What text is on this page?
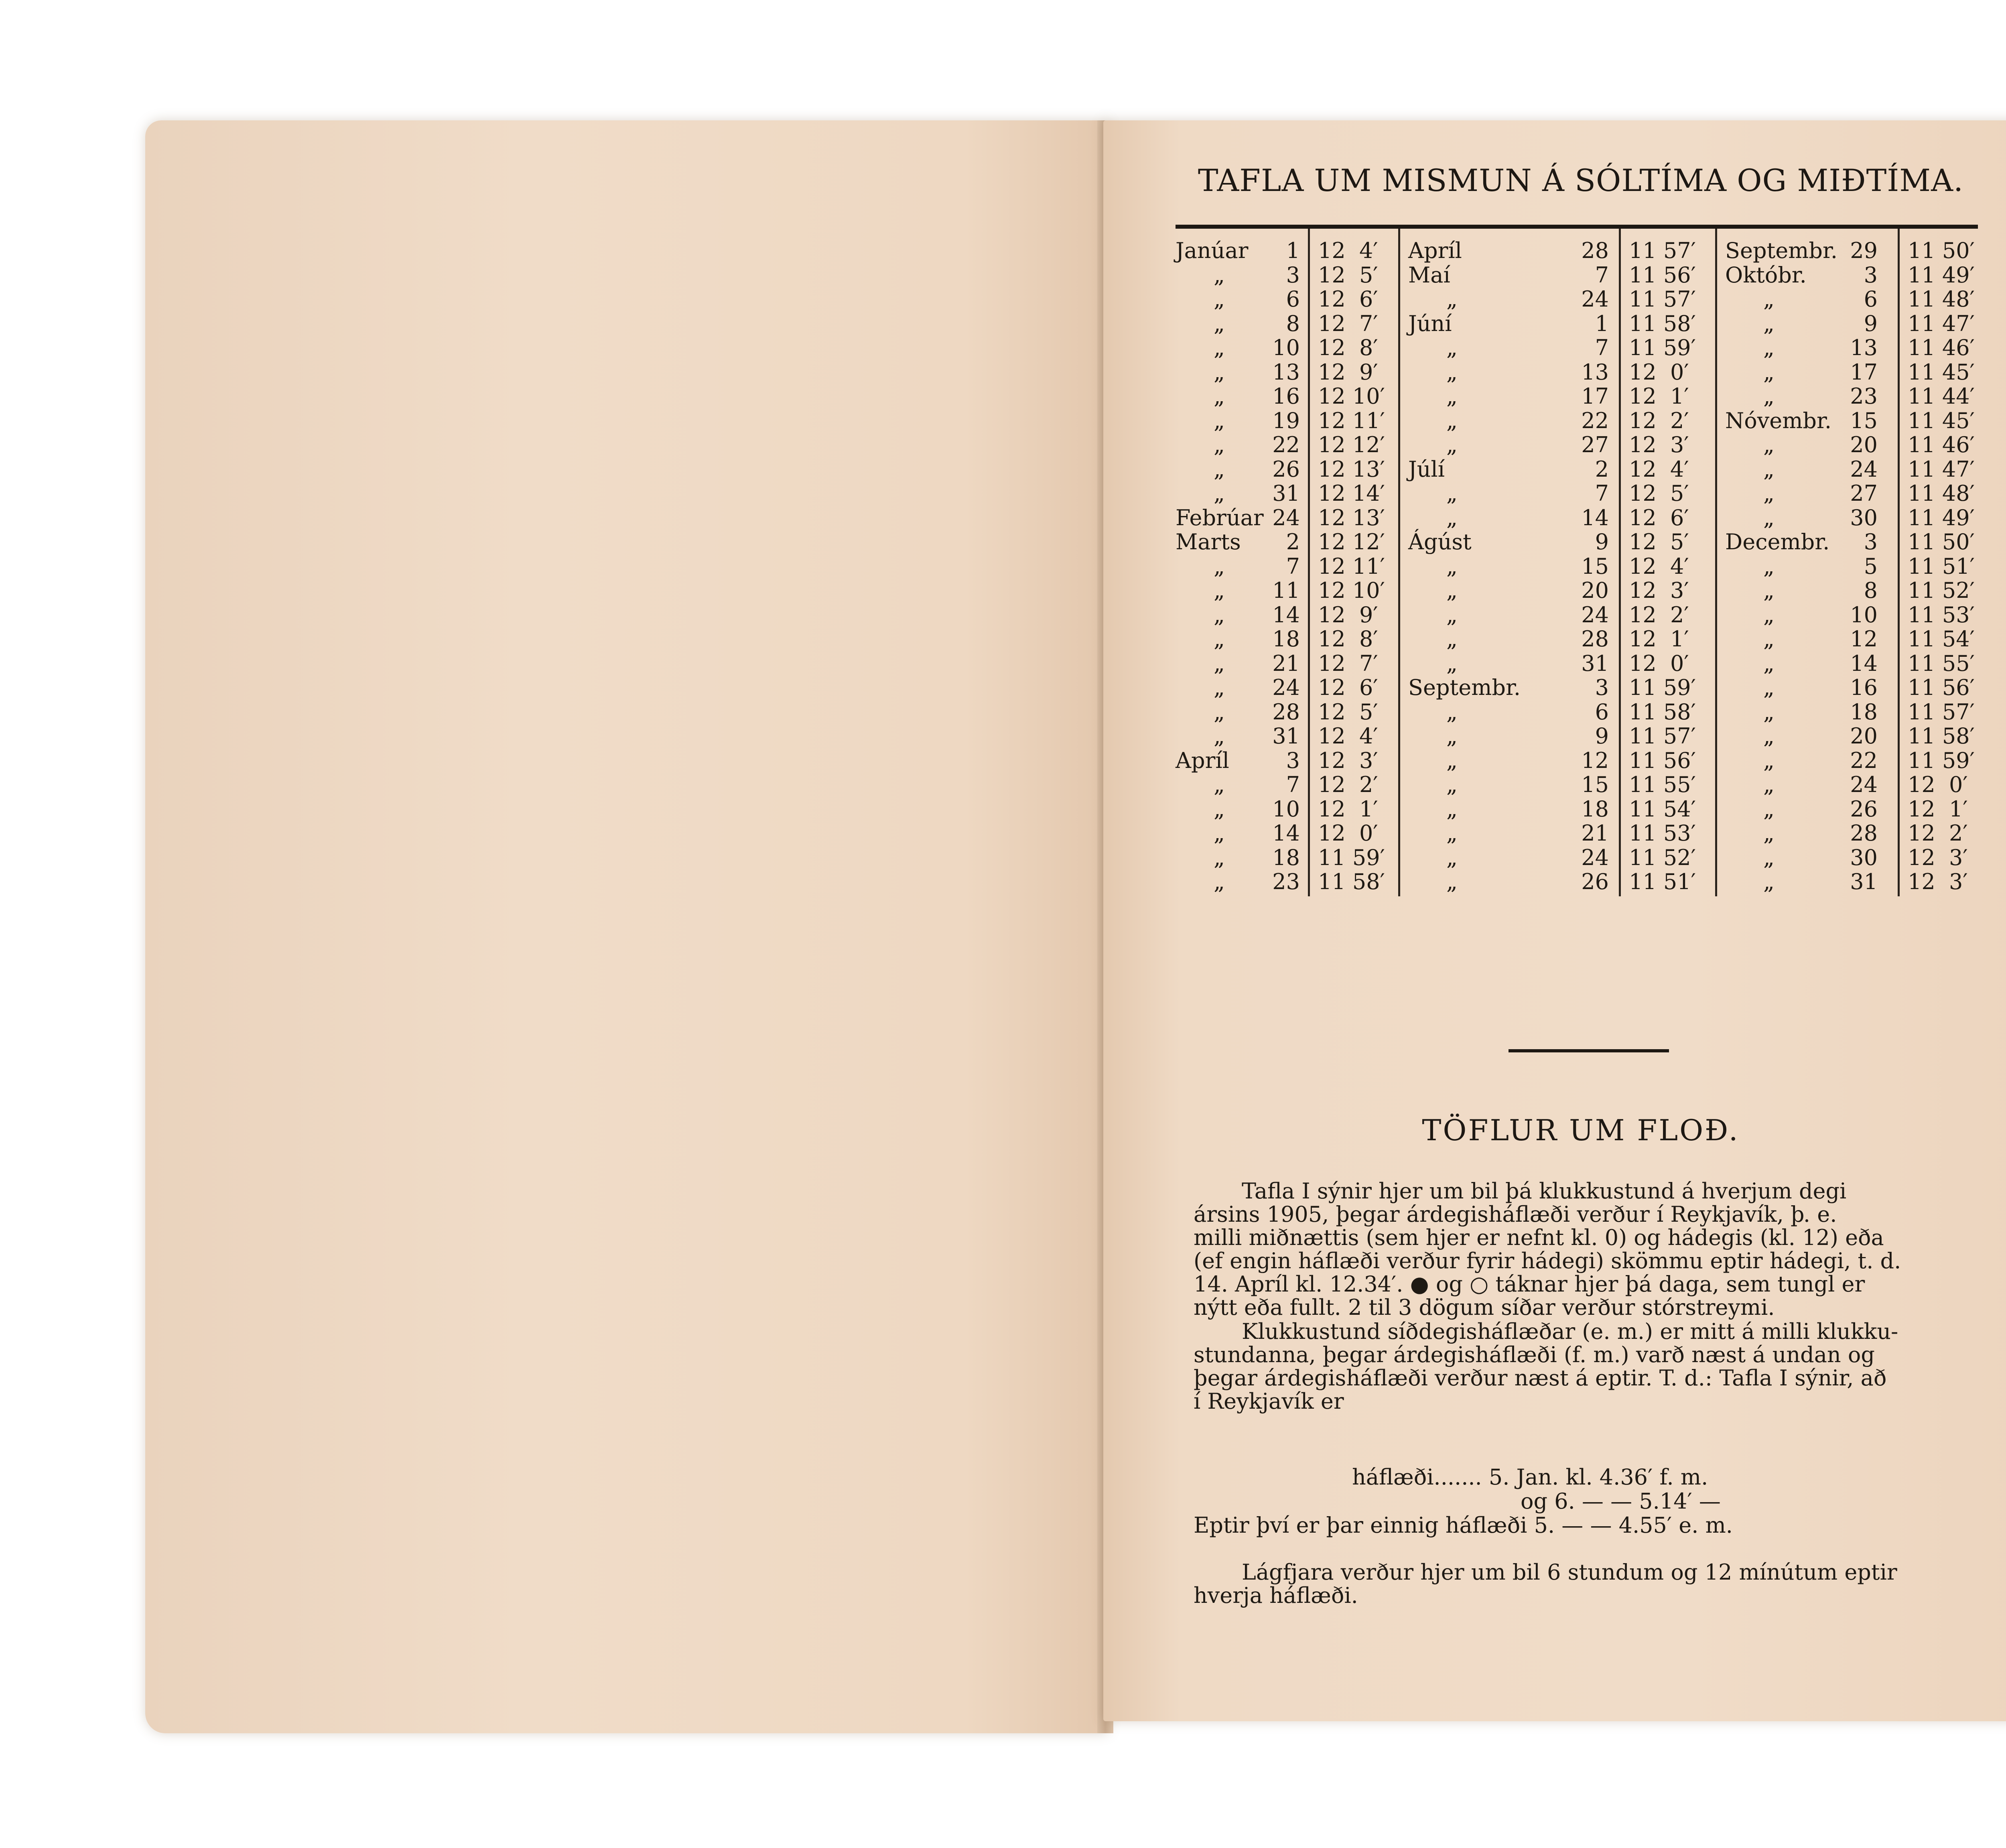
TAFLA UM MISMUN Á SÓLTÍMA OG MIÐTÍMA.
Janúar	1 12  4′
„	3 12  5′
„	6 12  6′
„	8 12  7′
„	10 12  8′
„	13 12  9′
„	16 12 10′
„	19 12 11′
„	22 12 12′
„	26 12 13′
„	31 12 14′
Febrúar 24 12 13′
Marts	2 12 12′
„	7 12 11′
„	11 12 10′
„	14 12  9′
„	18 12  8′
„	21 12  7′
„	24 12  6′
„	28 12  5′
„	31 12  4′
Apríl	3 12  3′
„	7 12  2′
„	10 12  1′
„	14 12  0′
„	18 11 59′
„	23 11 58′
Apríl	28 11 57′
Maí	7 11 56′
„	24 11 57′
Júní	1 11 58′
„	7 11 59′
„	13 12  0′
„	17 12  1′
„	22 12  2′
„	27 12  3′
Júlí	2 12  4′
„	7 12  5′
„	14 12  6′
Ágúst	9 12  5′
„	15 12  4′
„	20 12  3′
„	24 12  2′
„	28 12  1′
„	31 12  0′
Septembr.	3 11 59′
„	6 11 58′
„	9 11 57′
„	12 11 56′
„	15 11 55′
„	18 11 54′
„	21 11 53′
„	24 11 52′
„	26 11 51′
Septembr. 29 11 50′
Októbr.	3 11 49′
„	6 11 48′
„	9 11 47′
„	13 11 46′
„	17 11 45′
„	23 11 44′
Nóvembr. 15 11 45′
„	20 11 46′
„	24 11 47′
„	27 11 48′
„	30 11 49′
Decembr.	3 11 50′
„	5 11 51′
„	8 11 52′
„	10 11 53′
„	12 11 54′
„	14 11 55′
„	16 11 56′
„	18 11 57′
„	20 11 58′
„	22 11 59′
„	24 12  0′
„	26 12  1′
„	28 12  2′
„	30 12  3′
„	31 12  3′
TÖFLUR UM FLOÐ.
Tafla I sýnir hjer um bil þá klukkustund á hverjum degi
ársins 1905, þegar árdegisháflæði verður í Reykjavík, þ. e.
milli miðnættis (sem hjer er nefnt kl. 0) og hádegis (kl. 12) eða
(ef engin háflæði verður fyrir hádegi) skömmu eptir hádegi, t. d.
14. Apríl kl. 12.34′. ● og ○ táknar hjer þá daga, sem tungl er
nýtt eða fullt. 2 til 3 dögum síðar verður stórstreymi.
Klukkustund síðdegisháflæðar (e. m.) er mitt á milli klukku-
stundanna, þegar árdegisháflæði (f. m.) varð næst á undan og
þegar árdegisháflæði verður næst á eptir. T. d.: Tafla I sýnir, að
í Reykjavík er
háflæði....... 5. Jan. kl. 4.36′ f. m.
og 6. — — 5.14′ —
Eptir því er þar einnig háflæði 5. — — 4.55′ e. m.
Lágfjara verður hjer um bil 6 stundum og 12 mínútum eptir
hverja háflæði.
